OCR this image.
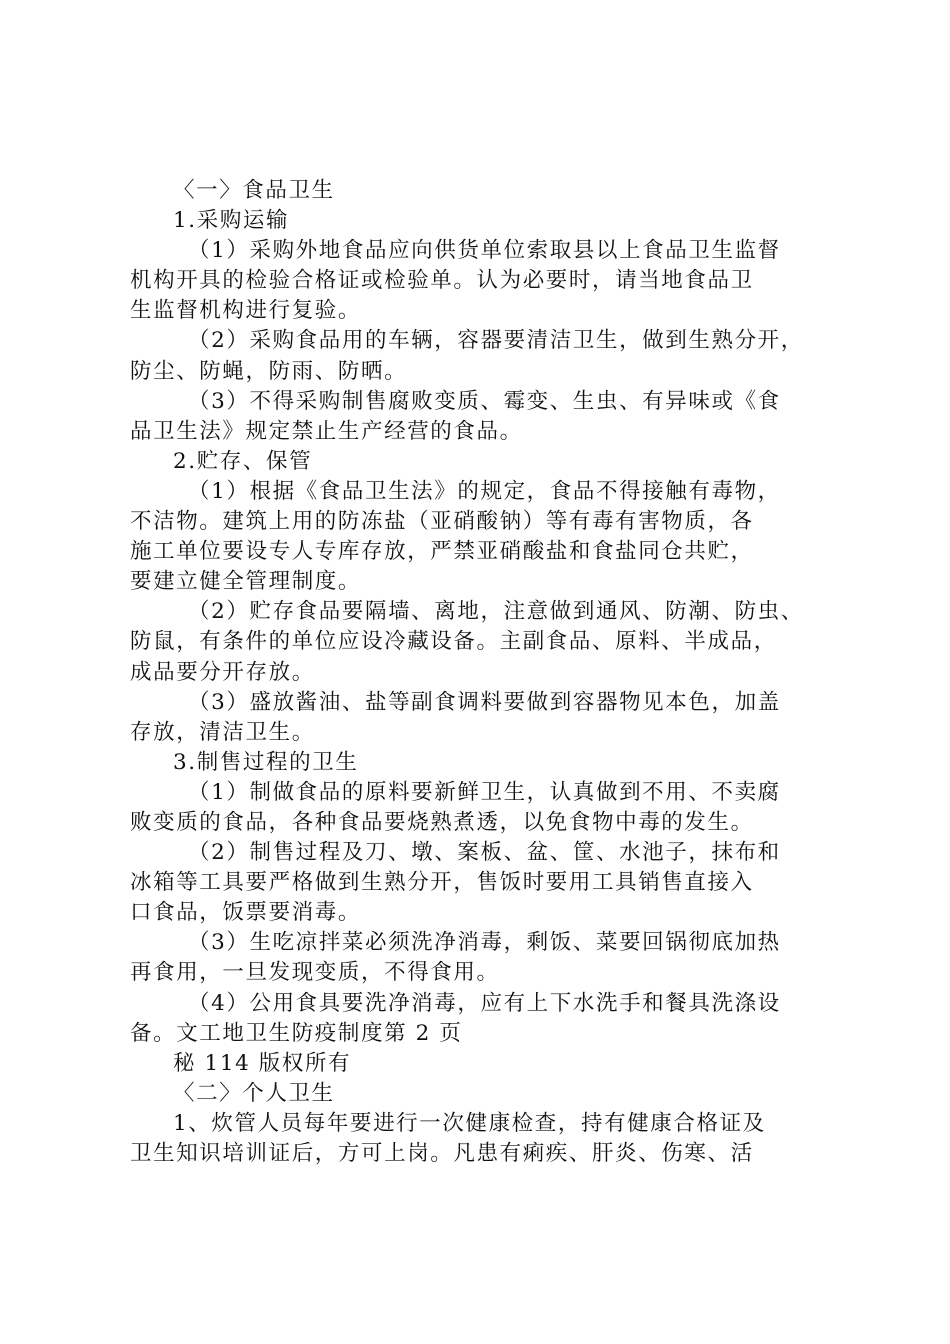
〈一〉食品卫生
1.采购运输
（1）采购外地食品应向供货单位索取县以上食品卫生监督
机构开具的检验合格证或检验单。认为必要时，请当地食品卫
生监督机构进行复验。
（2）采购食品用的车辆，容器要清洁卫生，做到生熟分开，
防尘、防蝇，防雨、防晒。
（3）不得采购制售腐败变质、霉变、生虫、有异味或《食
品卫生法》规定禁止生产经营的食品。
2.贮存、保管
（1）根据《食品卫生法》的规定，食品不得接触有毒物，
不洁物。建筑上用的防冻盐（亚硝酸钠）等有毒有害物质，各
施工单位要设专人专库存放，严禁亚硝酸盐和食盐同仓共贮，
要建立健全管理制度。
（2）贮存食品要隔墙、离地，注意做到通风、防潮、防虫、
防鼠，有条件的单位应设冷藏设备。主副食品、原料、半成品，
成品要分开存放。
（3）盛放酱油、盐等副食调料要做到容器物见本色，加盖
存放，清洁卫生。
3.制售过程的卫生
（1）制做食品的原料要新鲜卫生，认真做到不用、不卖腐
败变质的食品，各种食品要烧熟煮透，以免食物中毒的发生。
（2）制售过程及刀、墩、案板、盆、筐、水池子，抹布和
冰箱等工具要严格做到生熟分开，售饭时要用工具销售直接入
口食品，饭票要消毒。
（3）生吃凉拌菜必须洗净消毒，剩饭、菜要回锅彻底加热
再食用，一旦发现变质，不得食用。
（4）公用食具要洗净消毒，应有上下水洗手和餐具洗涤设
备。文工地卫生防疫制度第 2 页
秘 114 版权所有
〈二〉个人卫生
1、炊管人员每年要进行一次健康检查，持有健康合格证及
卫生知识培训证后，方可上岗。凡患有痢疾、肝炎、伤寒、活
